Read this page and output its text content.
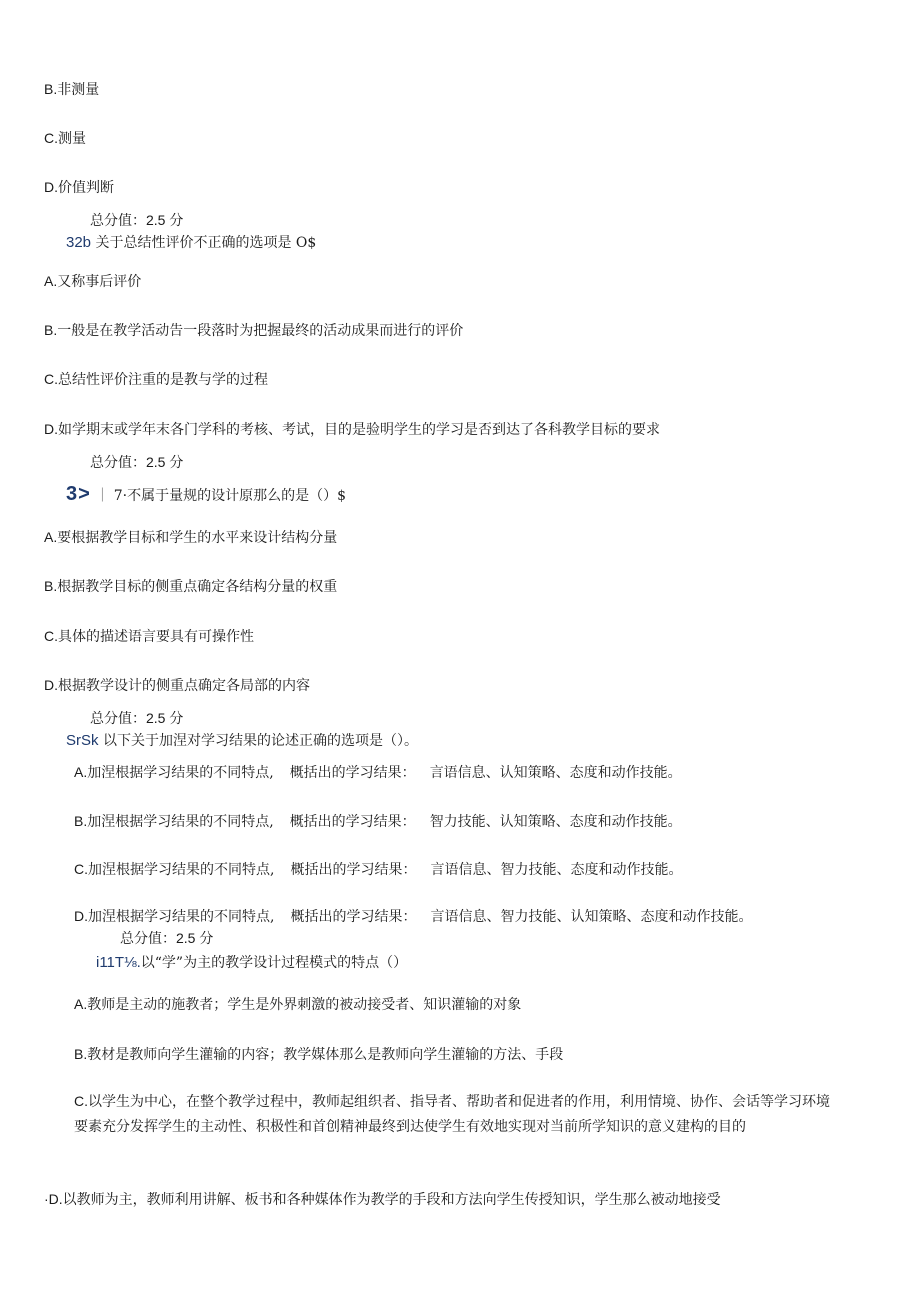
B.非测量
C.测量
D.价值判断
总分值：2.5 分
32b 关于总结性评价不正确的选项是 O$
A.又称事后评价
B.一般是在教学活动告一段落时为把握最终的活动成果而进行的评价
C.总结性评价注重的是教与学的过程
D.如学期末或学年末各门学科的考核、考试，目的是验明学生的学习是否到达了各科教学目标的要求
总分值：2.5 分
3> ｜ 7·不属于量规的设计原那么的是（）$
A.要根据教学目标和学生的水平来设计结构分量
B.根据教学目标的侧重点确定各结构分量的权重
C.具体的描述语言要具有可操作性
D.根据教学设计的侧重点确定各局部的内容
总分值：2.5 分
SrSk 以下关于加涅对学习结果的论述正确的选项是（）。
A.加涅根据学习结果的不同特点, 概括出的学习结果： 言语信息、认知策略、态度和动作技能。
B.加涅根据学习结果的不同特点, 概括出的学习结果： 智力技能、认知策略、态度和动作技能。
C.加涅根据学习结果的不同特点, 概括出的学习结果： 言语信息、智力技能、态度和动作技能。
D.加涅根据学习结果的不同特点, 概括出的学习结果： 言语信息、智力技能、认知策略、态度和动作技能。
总分值：2.5 分
i11T⅛.以“学”为主的教学设计过程模式的特点（）
A.教师是主动的施教者；学生是外界刺激的被动接受者、知识灌输的对象
B.教材是教师向学生灌输的内容；教学媒体那么是教师向学生灌输的方法、手段
C.以学生为中心，在整个教学过程中，教师起组织者、指导者、帮助者和促进者的作用，利用情境、协作、会话等学习环境要素充分发挥学生的主动性、积极性和首创精神最终到达使学生有效地实现对当前所学知识的意义建构的目的
·D.以教师为主，教师利用讲解、板书和各种媒体作为教学的手段和方法向学生传授知识，学生那么被动地接受
